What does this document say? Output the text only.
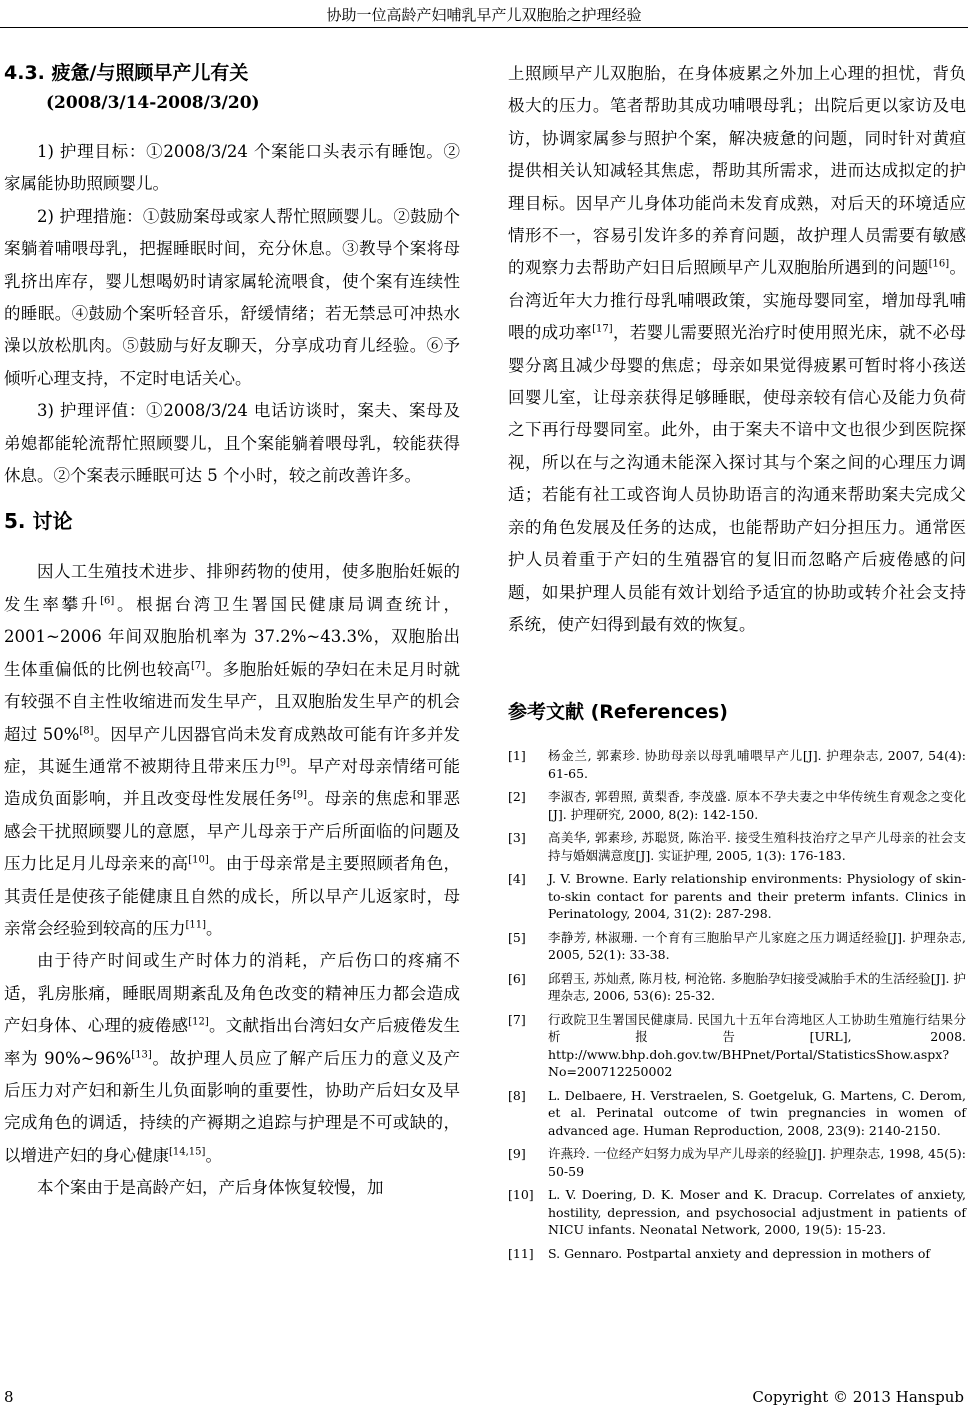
协助一位高龄产妇哺乳早产儿双胞胎之护理经验

4.3. 疲惫/与照顾早产儿有关

(2008/3/14-2008/3/20)

1) 护理目标：①2008/3/24 个案能口头表示有睡饱。②家属能协助照顾婴儿。

2) 护理措施：①鼓励案母或家人帮忙照顾婴儿。②鼓励个案躺着哺喂母乳，把握睡眠时间，充分休息。③教导个案将母乳挤出库存，婴儿想喝奶时请家属轮流喂食，使个案有连续性的睡眠。④鼓励个案听轻音乐，舒缓情绪；若无禁忌可冲热水澡以放松肌肉。⑤鼓励与好友聊天，分享成功育儿经验。⑥予倾听心理支持，不定时电话关心。

3) 护理评值：①2008/3/24 电话访谈时，案夫、案母及弟媳都能轮流帮忙照顾婴儿，且个案能躺着喂母乳，较能获得休息。②个案表示睡眠可达 5 个小时，较之前改善许多。

5. 讨论

因人工生殖技术进步、排卵药物的使用，使多胞胎妊娠的发生率攀升[6]。根据台湾卫生署国民健康局调查统计，2001~2006 年间双胞胎机率为 37.2%~43.3%，双胞胎出生体重偏低的比例也较高[7]。多胞胎妊娠的孕妇在未足月时就有较强不自主性收缩进而发生早产，且双胞胎发生早产的机会超过 50%[8]。因早产儿因器官尚未发育成熟故可能有许多并发症，其诞生通常不被期待且带来压力[9]。早产对母亲情绪可能造成负面影响，并且改变母性发展任务[9]。母亲的焦虑和罪恶感会干扰照顾婴儿的意愿，早产儿母亲于产后所面临的问题及压力比足月儿母亲来的高[10]。由于母亲常是主要照顾者角色，其责任是使孩子能健康且自然的成长，所以早产儿返家时，母亲常会经验到较高的压力[11]。

由于待产时间或生产时体力的消耗，产后伤口的疼痛不适，乳房胀痛，睡眠周期紊乱及角色改变的精神压力都会造成产妇身体、心理的疲倦感[12]。文献指出台湾妇女产后疲倦发生率为 90%~96%[13]。故护理人员应了解产后压力的意义及产后压力对产妇和新生儿负面影响的重要性，协助产后妇女及早完成角色的调适，持续的产褥期之追踪与护理是不可或缺的，以增进产妇的身心健康[14,15]。

本个案由于是高龄产妇，产后身体恢复较慢，加

上照顾早产儿双胞胎，在身体疲累之外加上心理的担忧，背负极大的压力。笔者帮助其成功哺喂母乳；出院后更以家访及电访，协调家属参与照护个案，解决疲惫的问题，同时针对黄疸提供相关认知减轻其焦虑，帮助其所需求，进而达成拟定的护理目标。因早产儿身体功能尚未发育成熟，对后天的环境适应情形不一，容易引发许多的养育问题，故护理人员需要有敏感的观察力去帮助产妇日后照顾早产儿双胞胎所遇到的问题[16]。台湾近年大力推行母乳哺喂政策，实施母婴同室，增加母乳哺喂的成功率[17]，若婴儿需要照光治疗时使用照光床，就不必母婴分离且减少母婴的焦虑；母亲如果觉得疲累可暂时将小孩送回婴儿室，让母亲获得足够睡眠，使母亲较有信心及能力负荷之下再行母婴同室。此外，由于案夫不谙中文也很少到医院探视，所以在与之沟通未能深入探讨其与个案之间的心理压力调适；若能有社工或咨询人员协助语言的沟通来帮助案夫完成父亲的角色发展及任务的达成，也能帮助产妇分担压力。通常医护人员着重于产妇的生殖器官的复旧而忽略产后疲倦感的问题，如果护理人员能有效计划给予适宜的协助或转介社会支持系统，使产妇得到最有效的恢复。

参考文献 (References)

[1]	杨金兰, 郭素珍. 协助母亲以母乳哺喂早产儿[J]. 护理杂志, 2007, 54(4): 61-65.
[2]	李淑杏, 郭碧照, 黄梨香, 李茂盛. 原本不孕夫妻之中华传统生育观念之变化[J]. 护理研究, 2000, 8(2): 142-150.
[3]	高美华, 郭素珍, 苏聪贤, 陈治平. 接受生殖科技治疗之早产儿母亲的社会支持与婚姻满意度[J]. 实证护理, 2005, 1(3): 176-183.
[4]	J. V. Browne. Early relationship environments: Physiology of skin-to-skin contact for parents and their preterm infants. Clinics in Perinatology, 2004, 31(2): 287-298.
[5]	李静芳, 林淑珊. 一个育有三胞胎早产儿家庭之压力调适经验[J]. 护理杂志, 2005, 52(1): 33-38.
[6]	邱碧玉, 苏灿煮, 陈月枝, 柯沧铭. 多胞胎孕妇接受减胎手术的生活经验[J]. 护理杂志, 2006, 53(6): 25-32.
[7]	行政院卫生署国民健康局. 民国九十五年台湾地区人工协助生殖施行结果分析报告[URL], 2008. http://www.bhp.doh.gov.tw/BHPnet/Portal/StatisticsShow.aspx?No=200712250002
[8]	L. Delbaere, H. Verstraelen, S. Goetgeluk, G. Martens, C. Derom, et al. Perinatal outcome of twin pregnancies in women of advanced age. Human Reproduction, 2008, 23(9): 2140-2150.
[9]	许燕玲. 一位经产妇努力成为早产儿母亲的经验[J]. 护理杂志, 1998, 45(5): 50-59
[10]	L. V. Doering, D. K. Moser and K. Dracup. Correlates of anxiety, hostility, depression, and psychosocial adjustment in patients of NICU infants. Neonatal Network, 2000, 19(5): 15-23.
[11]	S. Gennaro. Postpartal anxiety and depression in mothers of
8	Copyright © 2013 Hanspub
